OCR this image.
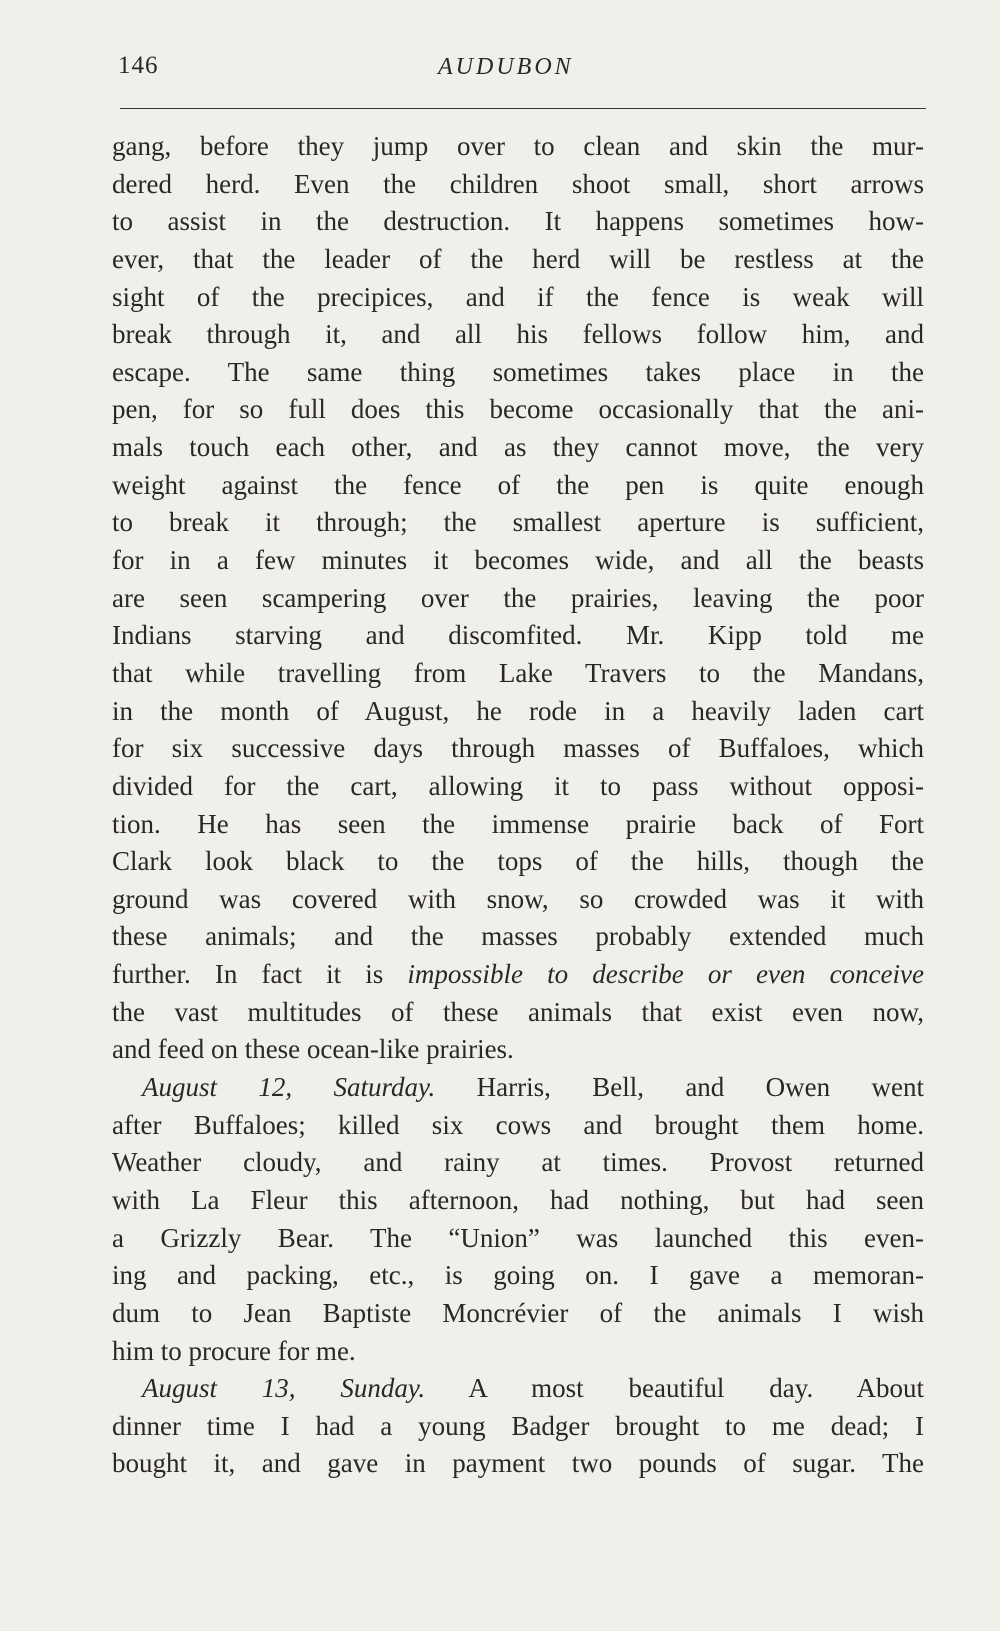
146	AUDUBON
gang, before they jump over to clean and skin the mur-
dered herd. Even the children shoot small, short arrows
to assist in the destruction. It happens sometimes how-
ever, that the leader of the herd will be restless at the
sight of the precipices, and if the fence is weak will
break through it, and all his fellows follow him, and
escape. The same thing sometimes takes place in the
pen, for so full does this become occasionally that the ani-
mals touch each other, and as they cannot move, the very
weight against the fence of the pen is quite enough
to break it through; the smallest aperture is sufficient,
for in a few minutes it becomes wide, and all the beasts
are seen scampering over the prairies, leaving the poor
Indians starving and discomfited. Mr. Kipp told me
that while travelling from Lake Travers to the Mandans,
in the month of August, he rode in a heavily laden cart
for six successive days through masses of Buffaloes, which
divided for the cart, allowing it to pass without opposi-
tion. He has seen the immense prairie back of Fort
Clark look black to the tops of the hills, though the
ground was covered with snow, so crowded was it with
these animals; and the masses probably extended much
further. In fact it is impossible to describe or even conceive
the vast multitudes of these animals that exist even now,
and feed on these ocean-like prairies.
August 12, Saturday. Harris, Bell, and Owen went
after Buffaloes; killed six cows and brought them home.
Weather cloudy, and rainy at times. Provost returned
with La Fleur this afternoon, had nothing, but had seen
a Grizzly Bear. The “Union” was launched this even-
ing and packing, etc., is going on. I gave a memoran-
dum to Jean Baptiste Moncrévier of the animals I wish
him to procure for me.
August 13, Sunday. A most beautiful day. About
dinner time I had a young Badger brought to me dead; I
bought it, and gave in payment two pounds of sugar. The
